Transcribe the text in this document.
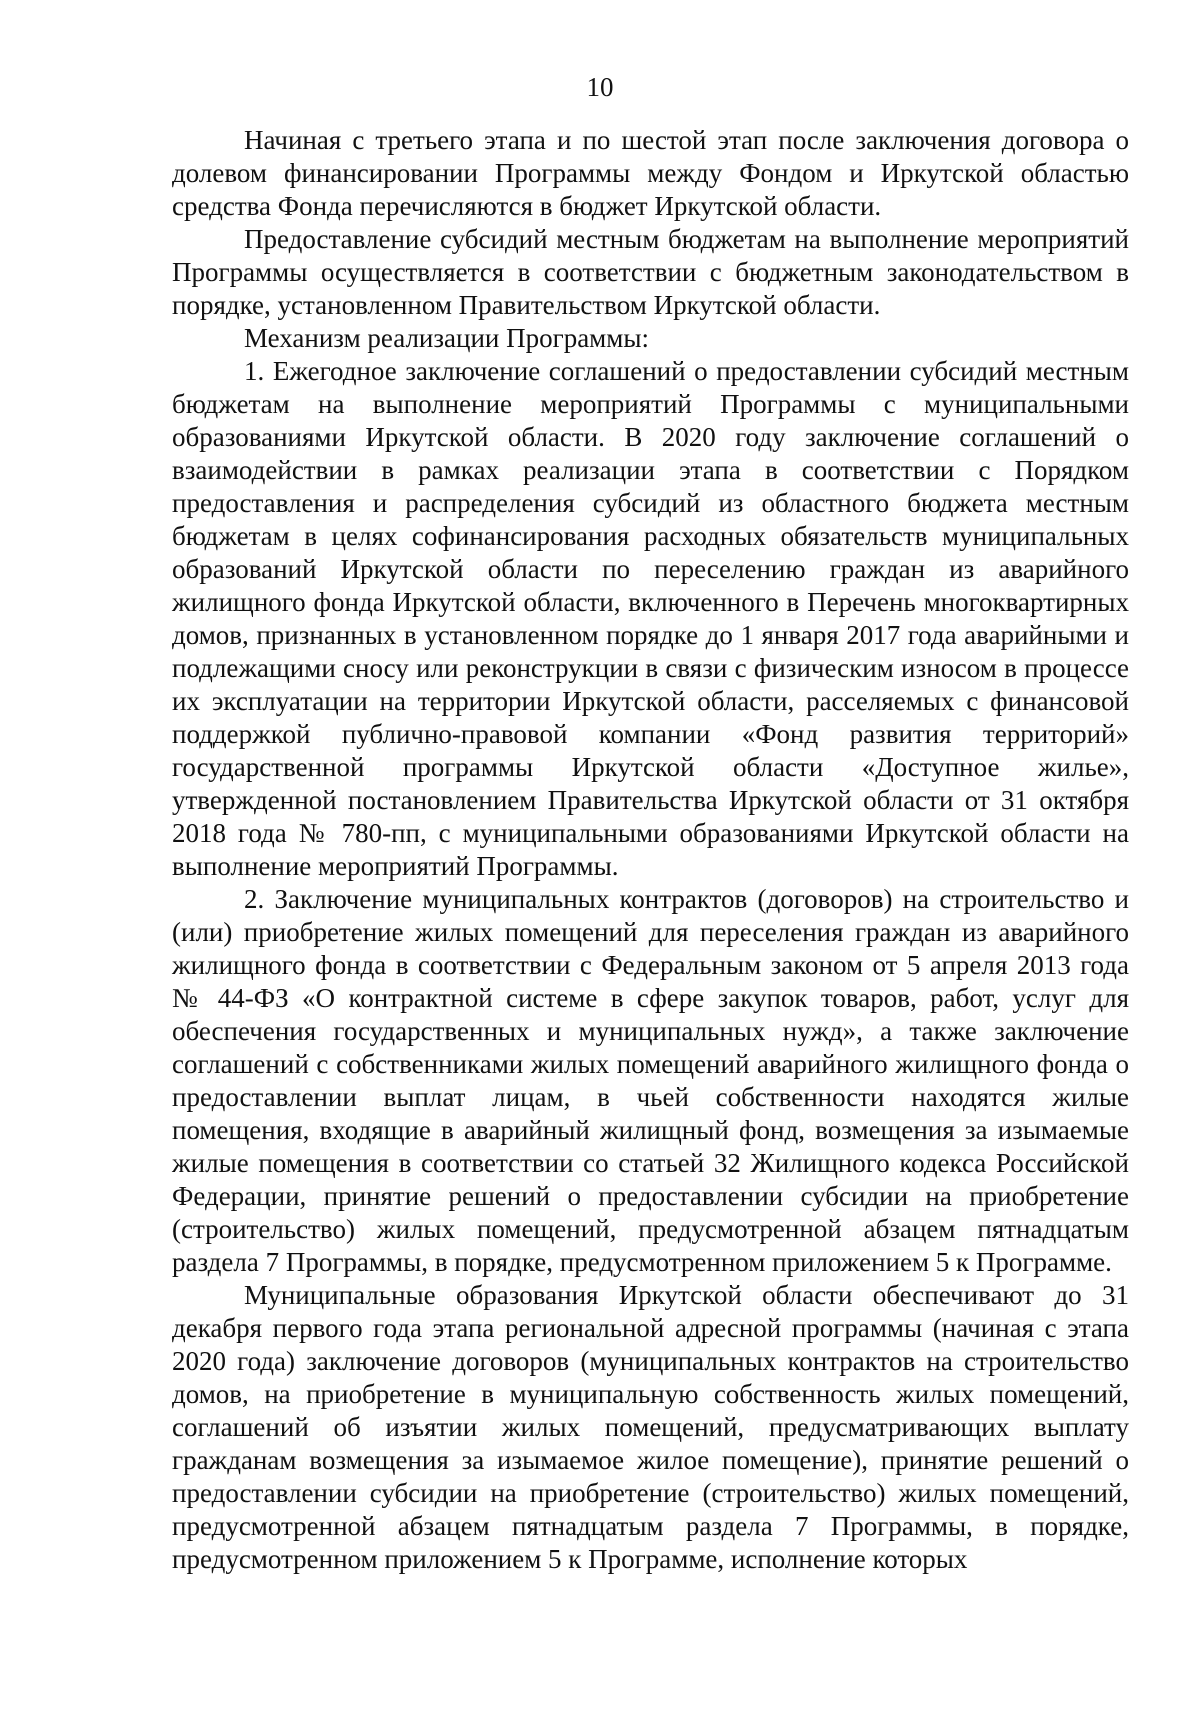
10

Начиная с третьего этапа и по шестой этап после заключения договора о долевом финансировании Программы между Фондом и Иркутской областью средства Фонда перечисляются в бюджет Иркутской области.

Предоставление субсидий местным бюджетам на выполнение мероприятий Программы осуществляется в соответствии с бюджетным законодательством в порядке, установленном Правительством Иркутской области.

Механизм реализации Программы:

1. Ежегодное заключение соглашений о предоставлении субсидий местным бюджетам на выполнение мероприятий Программы с муниципальными образованиями Иркутской области. В 2020 году заключение соглашений о взаимодействии в рамках реализации этапа в соответствии с Порядком предоставления и распределения субсидий из областного бюджета местным бюджетам в целях софинансирования расходных обязательств муниципальных образований Иркутской области по переселению граждан из аварийного жилищного фонда Иркутской области, включенного в Перечень многоквартирных домов, признанных в установленном порядке до 1 января 2017 года аварийными и подлежащими сносу или реконструкции в связи с физическим износом в процессе их эксплуатации на территории Иркутской области, расселяемых с финансовой поддержкой публично-правовой компании «Фонд развития территорий» государственной программы Иркутской области «Доступное жилье», утвержденной постановлением Правительства Иркутской области от 31 октября 2018 года № 780-пп, с муниципальными образованиями Иркутской области на выполнение мероприятий Программы.

2. Заключение муниципальных контрактов (договоров) на строительство и (или) приобретение жилых помещений для переселения граждан из аварийного жилищного фонда в соответствии с Федеральным законом от 5 апреля 2013 года № 44-ФЗ «О контрактной системе в сфере закупок товаров, работ, услуг для обеспечения государственных и муниципальных нужд», а также заключение соглашений с собственниками жилых помещений аварийного жилищного фонда о предоставлении выплат лицам, в чьей собственности находятся жилые помещения, входящие в аварийный жилищный фонд, возмещения за изымаемые жилые помещения в соответствии со статьей 32 Жилищного кодекса Российской Федерации, принятие решений о предоставлении субсидии на приобретение (строительство) жилых помещений, предусмотренной абзацем пятнадцатым раздела 7 Программы, в порядке, предусмотренном приложением 5 к Программе.

Муниципальные образования Иркутской области обеспечивают до 31 декабря первого года этапа региональной адресной программы (начиная с этапа 2020 года) заключение договоров (муниципальных контрактов на строительство домов, на приобретение в муниципальную собственность жилых помещений, соглашений об изъятии жилых помещений, предусматривающих выплату гражданам возмещения за изымаемое жилое помещение), принятие решений о предоставлении субсидии на приобретение (строительство) жилых помещений, предусмотренной абзацем пятнадцатым раздела 7 Программы, в порядке, предусмотренном приложением 5 к Программе, исполнение которых
